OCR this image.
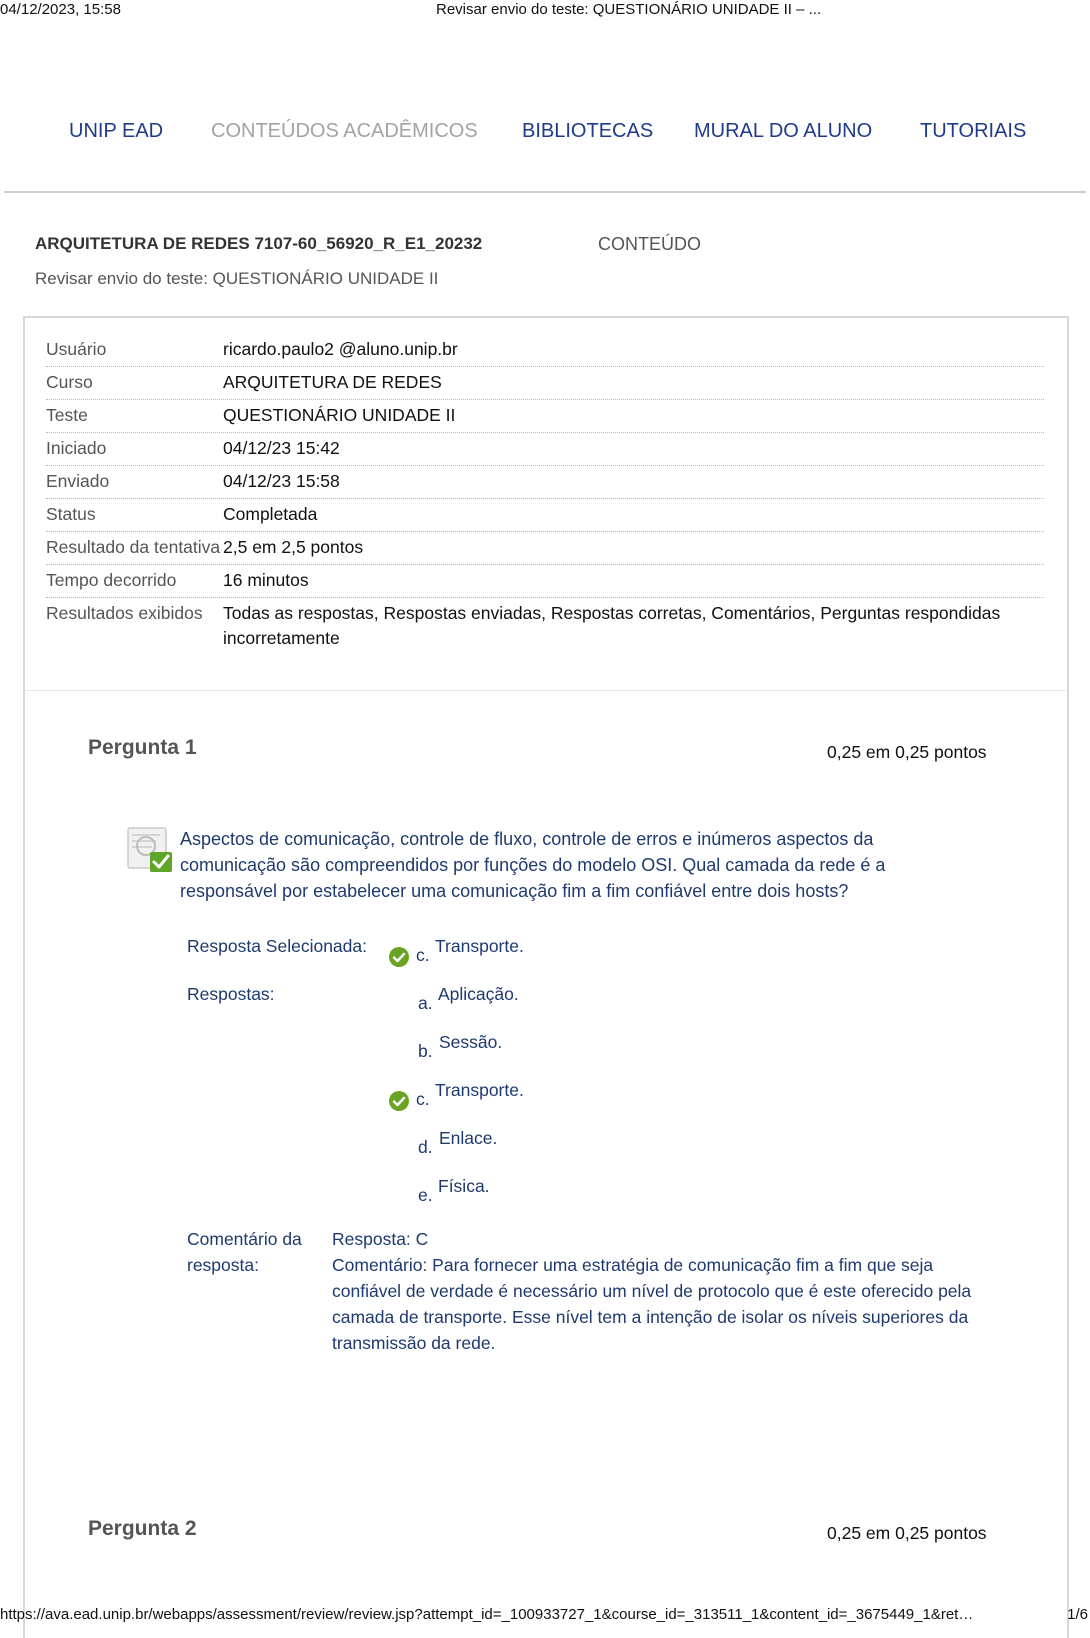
04/12/2023, 15:58	Revisar envio do teste: QUESTIONÁRIO UNIDADE II – ...
UNIP EAD CONTEÚDOS ACADÊMICOS BIBLIOTECAS MURAL DO ALUNO TUTORIAIS
ARQUITETURA DE REDES 7107-60_56920_R_E1_20232	CONTEÚDO
Revisar envio do teste: QUESTIONÁRIO UNIDADE II
Usuário	ricardo.paulo2 @aluno.unip.br
Curso	ARQUITETURA DE REDES
Teste	QUESTIONÁRIO UNIDADE II
Iniciado	04/12/23 15:42
Enviado	04/12/23 15:58
Status	Completada
Resultado da tentativa 2,5 em 2,5 pontos
Tempo decorrido	16 minutos
Resultados exibidos	Todas as respostas, Respostas enviadas, Respostas corretas, Comentários, Perguntas respondidas incorretamente
Pergunta 1	0,25 em 0,25 pontos
Aspectos de comunicação, controle de fluxo, controle de erros e inúmeros aspectos da comunicação são compreendidos por funções do modelo OSI. Qual camada da rede é a responsável por estabelecer uma comunicação fim a fim confiável entre dois hosts?
Resposta Selecionada:	c. Transporte.
Respostas:	a. Aplicação.
b. Sessão.
c. Transporte.
d. Enlace.
e. Física.
Comentário da resposta:
Resposta: C
Comentário: Para fornecer uma estratégia de comunicação fim a fim que seja confiável de verdade é necessário um nível de protocolo que é este oferecido pela camada de transporte. Esse nível tem a intenção de isolar os níveis superiores da transmissão da rede.
Pergunta 2	0,25 em 0,25 pontos
https://ava.ead.unip.br/webapps/assessment/review/review.jsp?attempt_id=_100933727_1&course_id=_313511_1&content_id=_3675449_1&ret…	1/6
